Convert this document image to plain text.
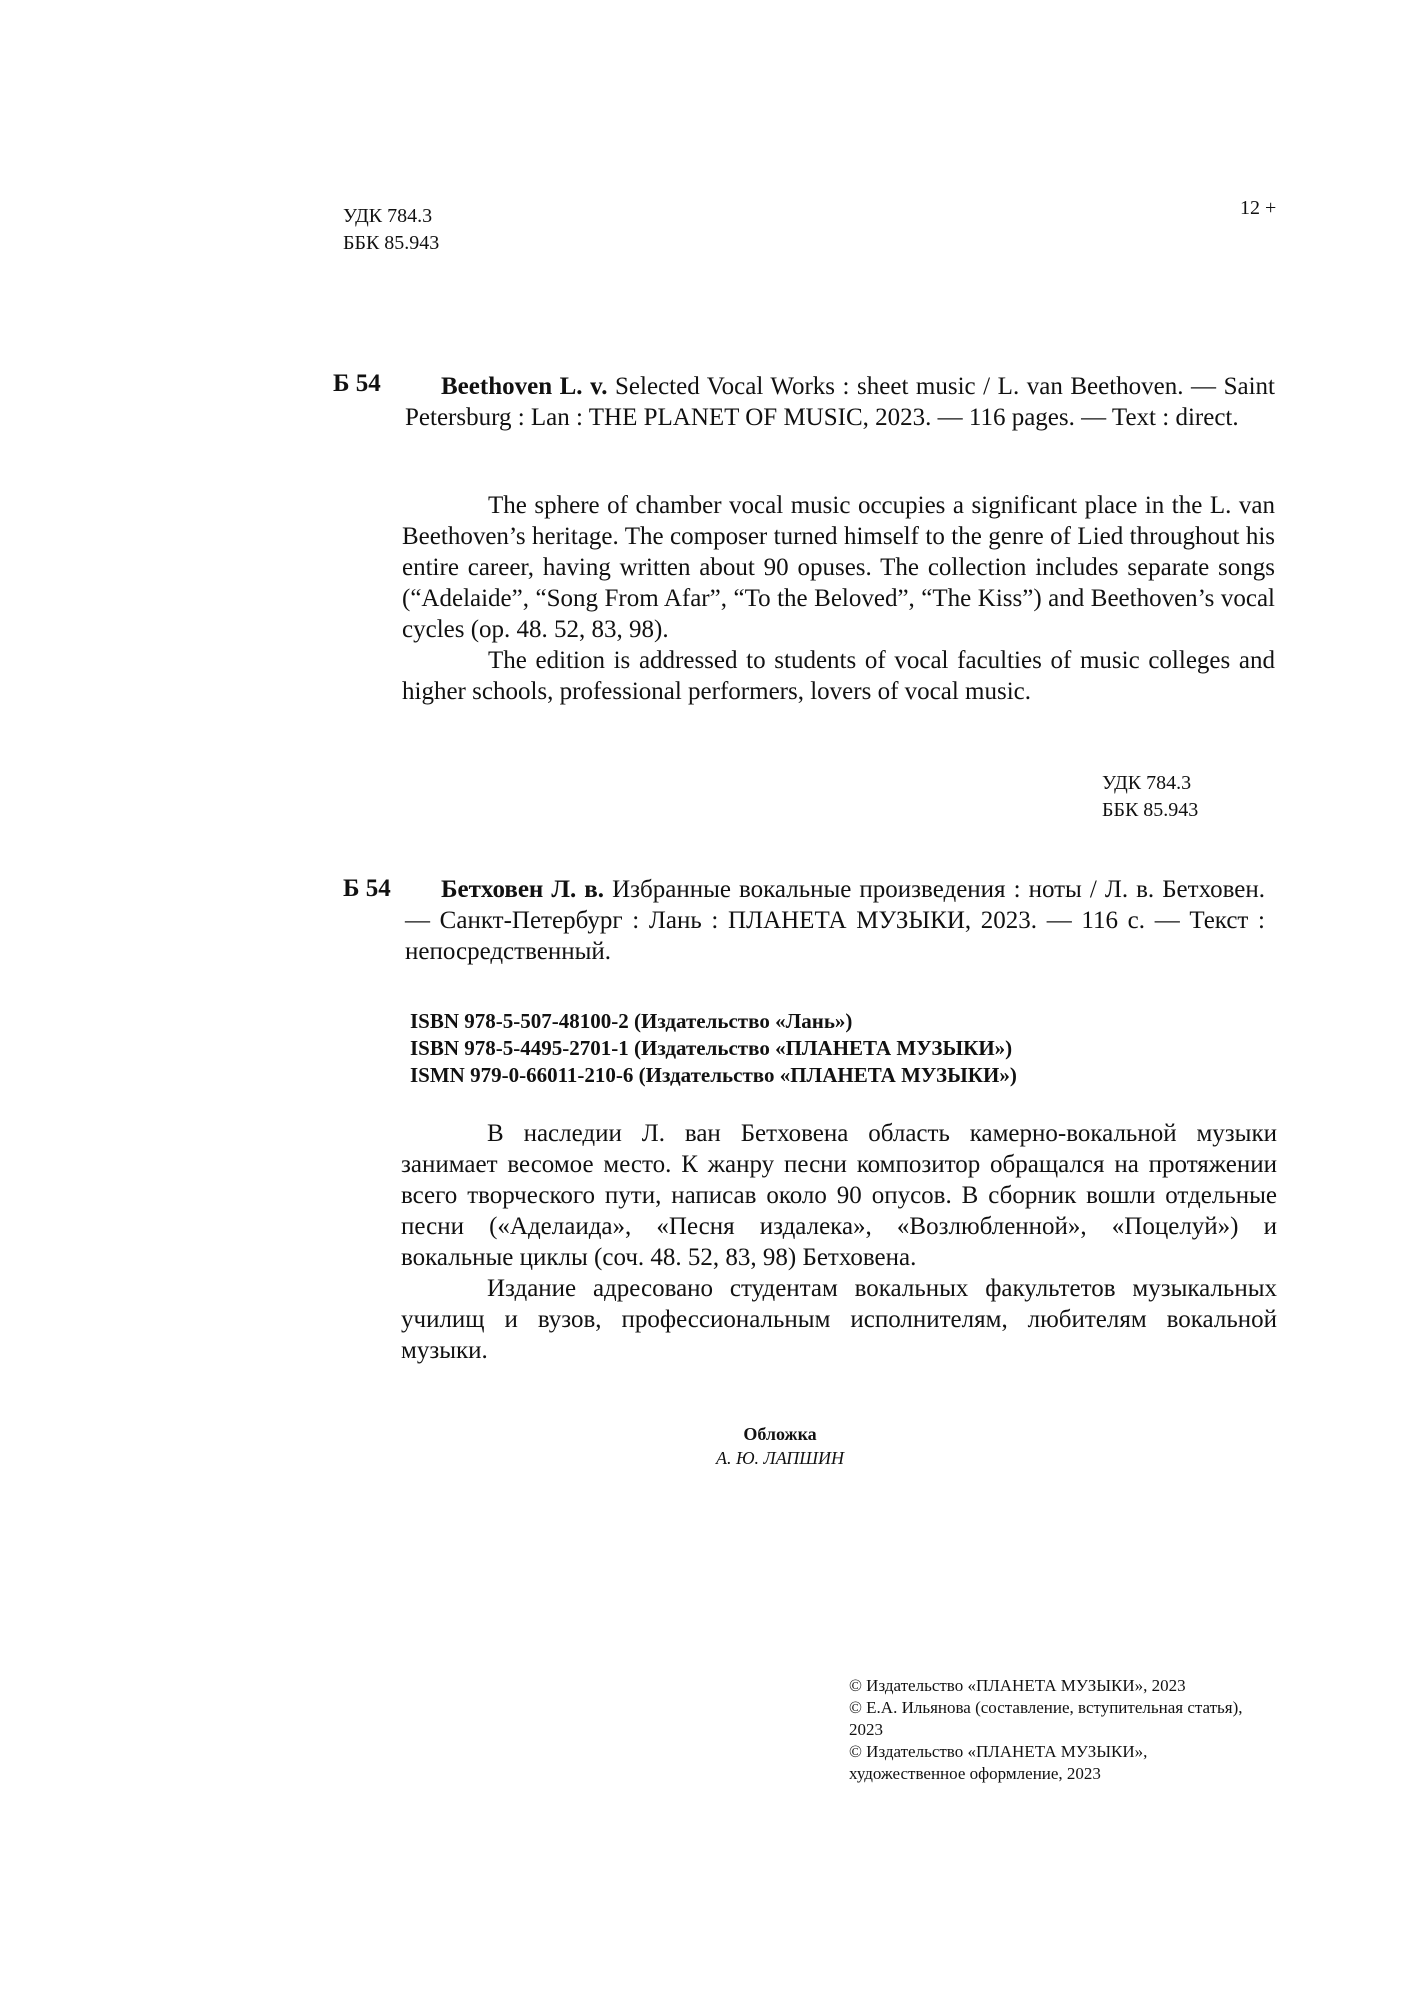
УДК 784.3
ББК 85.943
12 +
Б 54	Beethoven L. v. Selected Vocal Works : sheet music / L. van Beethoven. — Saint Petersburg : Lan : THE PLANET OF MUSIC, 2023. — 116 pages. — Text : direct.

The sphere of chamber vocal music occupies a significant place in the L. van Beethoven’s heritage. The composer turned himself to the genre of Lied throughout his entire career, having written about 90 opuses. The collection includes separate songs (“Adelaide”, “Song From Afar”, “To the Beloved”, “The Kiss”) and Beethoven’s vocal cycles (op. 48. 52, 83, 98).

The edition is addressed to students of vocal faculties of music colleges and higher schools, professional performers, lovers of vocal music.

УДК 784.3
ББК 85.943
Б 54	Бетховен Л. в. Избранные вокальные произведения : ноты / Л. в. Бетховен. — Санкт-Петербург : Лань : ПЛАНЕТА МУЗЫКИ, 2023. — 116 с. — Текст : непосредственный.

ISBN 978-5-507-48100-2 (Издательство «Лань»)
ISBN 978-5-4495-2701-1 (Издательство «ПЛАНЕТА МУЗЫКИ»)
ISMN 979-0-66011-210-6 (Издательство «ПЛАНЕТА МУЗЫКИ»)

В наследии Л. ван Бетховена область камерно-вокальной музыки занимает весомое место. К жанру песни композитор обращался на протяжении всего творческого пути, написав около 90 опусов. В сборник вошли отдельные песни («Аделаида», «Песня издалека», «Возлюбленной», «Поцелуй») и вокальные циклы (соч. 48. 52, 83, 98) Бетховена.

Издание адресовано студентам вокальных факультетов музыкальных училищ и вузов, профессиональным исполнителям, любителям вокальной музыки.

Обложка
А. Ю. ЛАПШИН
© Издательство «ПЛАНЕТА МУЗЫКИ», 2023
© Е.А. Ильянова (составление, вступительная статья), 2023
© Издательство «ПЛАНЕТА МУЗЫКИ», художественное оформление, 2023
